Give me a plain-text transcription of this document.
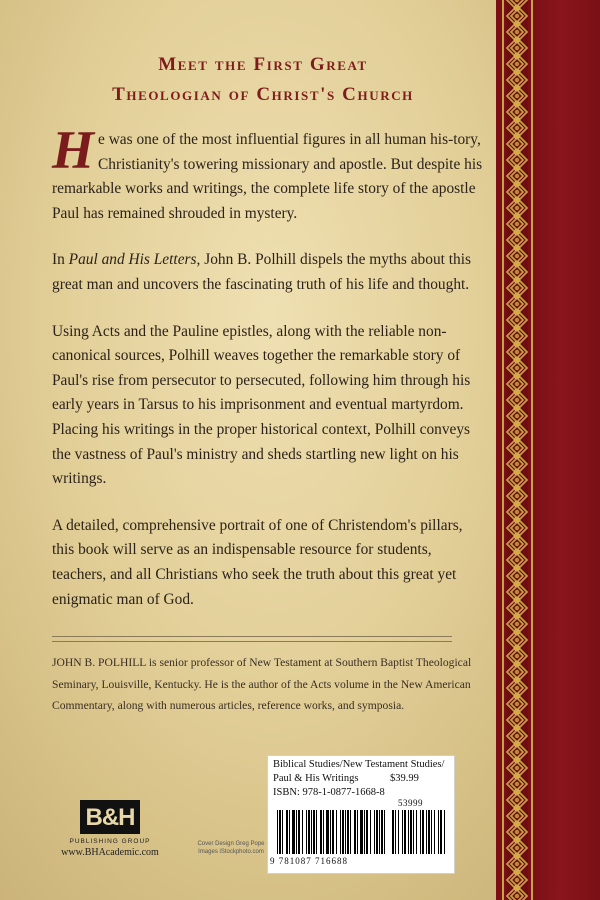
Meet the First Great
Theologian of Christ's Church

He was one of the most influential figures in all human his-tory, Christianity's towering missionary and apostle. But despite his remarkable works and writings, the complete life story of the apostle Paul has remained shrouded in mystery.

In Paul and His Letters, John B. Polhill dispels the myths about this great man and uncovers the fascinating truth of his life and thought.

Using Acts and the Pauline epistles, along with the reliable non-canonical sources, Polhill weaves together the remarkable story of Paul's rise from persecutor to persecuted, following him through his early years in Tarsus to his imprisonment and eventual martyrdom. Placing his writings in the proper historical context, Polhill conveys the vastness of Paul's ministry and sheds startling new light on his writings.

A detailed, comprehensive portrait of one of Christendom's pillars, this book will serve as an indispensable resource for students, teachers, and all Christians who seek the truth about this great yet enigmatic man of God.

JOHN B. POLHILL is senior professor of New Testament at Southern Baptist Theological Seminary, Louisville, Kentucky. He is the author of the Acts volume in the New American Commentary, along with numerous articles, reference works, and symposia.
B&H
PUBLISHING GROUP
www.BHAcademic.com
Cover Design Greg Pope
Images iStockphoto.com
Biblical Studies/New Testament Studies/
Paul & His Writings	$39.99
ISBN: 978-1-0877-1668-8
53999
9 781087 716688
